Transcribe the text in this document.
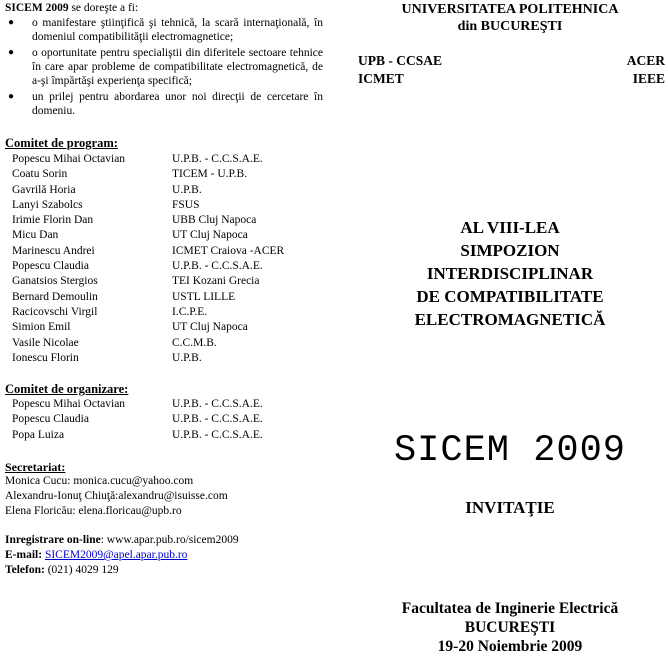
SICEM 2009 se doreşte a fi:
● o manifestare ştiinţifică şi tehnică, la scară internaţională, în domeniul compatibilităţii electromagnetice;
● o oportunitate pentru specialiştii din diferitele sectoare tehnice în care apar probleme de compatibilitate electromagnetică, de a-şi împărtăşi experienţa specifică;
● un prilej pentru abordarea unor noi direcţii de cercetare în domeniu.
Comitet de program:
Popescu Mihai Octavian	U.P.B. - C.C.S.A.E.
Coatu Sorin	TICEM - U.P.B.
Gavrilă Horia	U.P.B.
Lanyi Szabolcs	FSUS
Irimie Florin Dan	UBB Cluj Napoca
Micu Dan	UT Cluj Napoca
Marinescu Andrei	ICMET Craiova -ACER
Popescu Claudia	U.P.B. - C.C.S.A.E.
Ganatsios Stergios	TEI Kozani Grecia
Bernard Demoulin	USTL LILLE
Racicovschi Virgil	I.C.P.E.
Simion Emil	UT Cluj Napoca
Vasile Nicolae	C.C.M.B.
Ionescu Florin	U.P.B.
Comitet de organizare:
Popescu Mihai Octavian	U.P.B. - C.C.S.A.E.
Popescu Claudia	U.P.B. - C.C.S.A.E.
Popa Luiza	U.P.B. - C.C.S.A.E.
Secretariat:
Monica Cucu: monica.cucu@yahoo.com
Alexandru-Ionuţ Chiuţă:alexandru@isuisse.com
Elena Floricău: elena.floricau@upb.ro
Inregistrare on-line: www.apar.pub.ro/sicem2009
E-mail: SICEM2009@apel.apar.pub.ro
Telefon: (021) 4029 129
UNIVERSITATEA POLITEHNICA
din BUCUREŞTI
UPB - CCSAE	ACER
ICMET	IEEE
AL VIII-LEA
SIMPOZION
INTERDISCIPLINAR
DE COMPATIBILITATE
ELECTROMAGNETICĂ
SICEM 2009
INVITAŢIE
Facultatea de Inginerie Electrică
BUCUREŞTI
19-20 Noiembrie 2009
